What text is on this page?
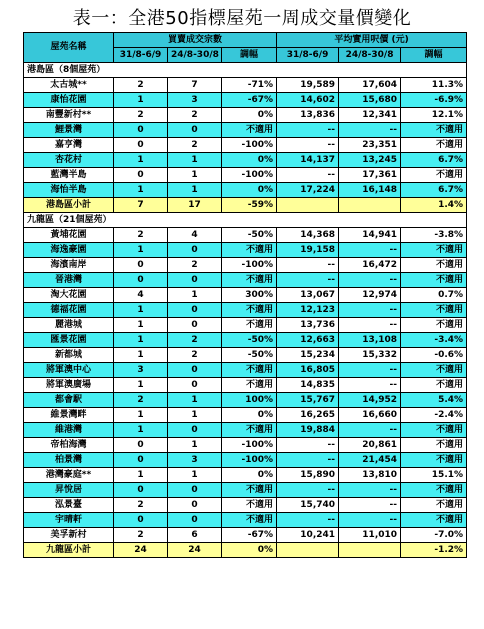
表一：全港50指標屋苑一周成交量價變化
屋苑名稱	買賣成交宗數			平均實用呎價 (元)		
	31/8-6/9	24/8-30/8	調幅	31/8-6/9	24/8-30/8	調幅
港島區（8個屋苑）						
太古城**	2	7	-71%	19,589	17,604	11.3%
康怡花園	1	3	-67%	14,602	15,680	-6.9%
南豐新村**	2	2	0%	13,836	12,341	12.1%
鯉景灣	0	0	不適用	--	--	不適用
嘉亨灣	0	2	-100%	--	23,351	不適用
杏花村	1	1	0%	14,137	13,245	6.7%
藍灣半島	0	1	-100%	--	17,361	不適用
海怡半島	1	1	0%	17,224	16,148	6.7%
港島區小計	7	17	-59%			1.4%
九龍區（21個屋苑）						
黃埔花園	2	4	-50%	14,368	14,941	-3.8%
海逸豪園	1	0	不適用	19,158	--	不適用
海濱南岸	0	2	-100%	--	16,472	不適用
晉港灣	0	0	不適用	--	--	不適用
淘大花園	4	1	300%	13,067	12,974	0.7%
德福花園	1	0	不適用	12,123	--	不適用
麗港城	1	0	不適用	13,736	--	不適用
匯景花園	1	2	-50%	12,663	13,108	-3.4%
新都城	1	2	-50%	15,234	15,332	-0.6%
將軍澳中心	3	0	不適用	16,805	--	不適用
將軍澳廣場	1	0	不適用	14,835	--	不適用
都會駅	2	1	100%	15,767	14,952	5.4%
維景灣畔	1	1	0%	16,265	16,660	-2.4%
維港灣	1	0	不適用	19,884	--	不適用
帝柏海灣	0	1	-100%	--	20,861	不適用
柏景灣	0	3	-100%	--	21,454	不適用
港灣豪庭**	1	1	0%	15,890	13,810	15.1%
昇悅居	0	0	不適用	--	--	不適用
泓景臺	2	0	不適用	15,740	--	不適用
宇晴軒	0	0	不適用	--	--	不適用
美孚新村	2	6	-67%	10,241	11,010	-7.0%
九龍區小計	24	24	0%			-1.2%
